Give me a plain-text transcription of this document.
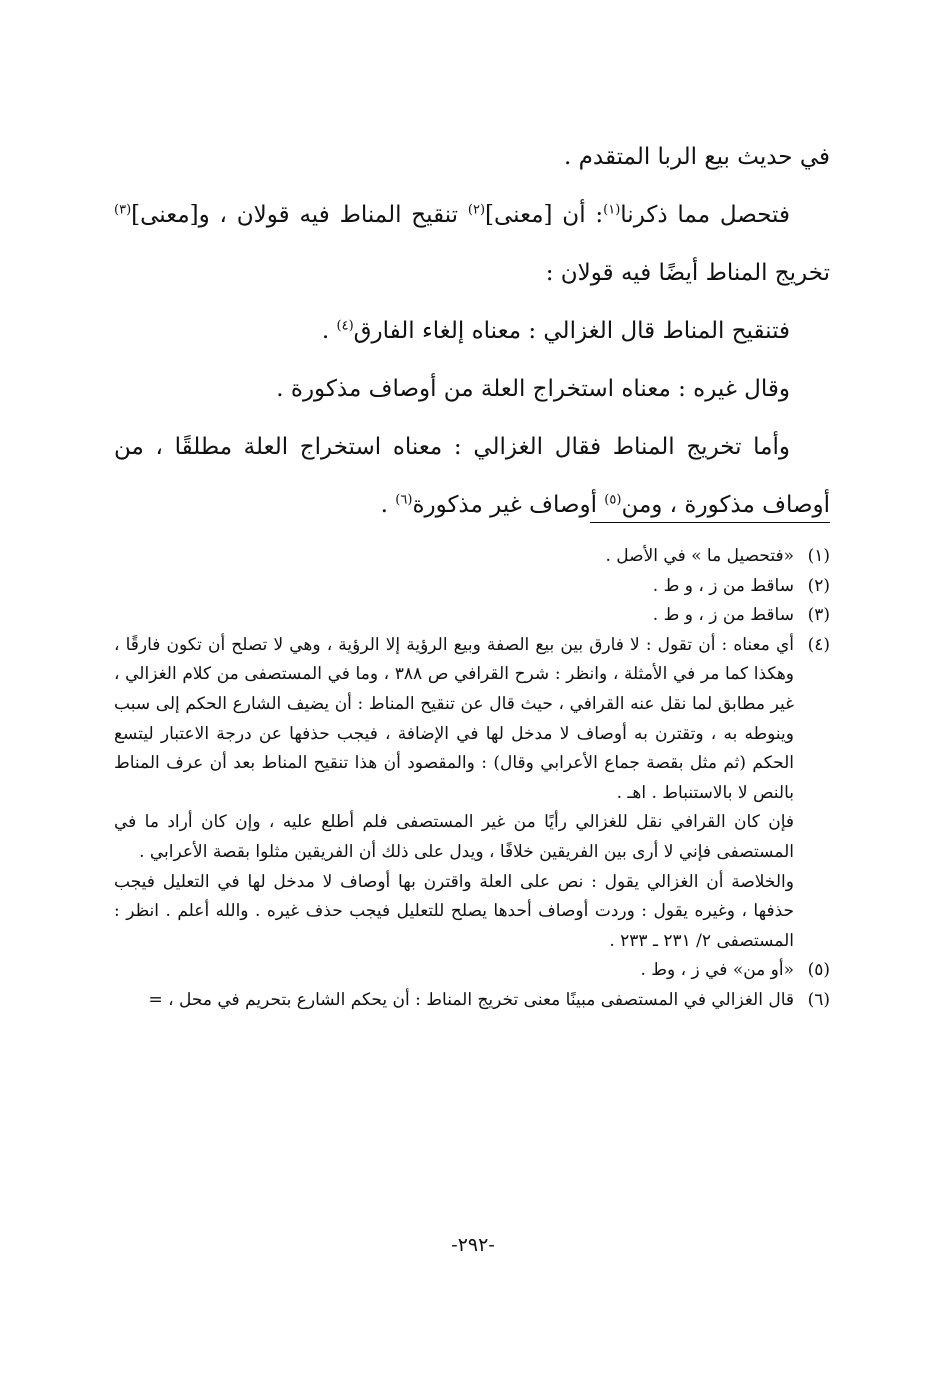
في حديث بيع الربا المتقدم .

فتحصل مما ذكرنا$^{(١)}$: أن [معنى]$^{(٢)}$ تنقيح المناط فيه قولان ، و[معنى]$^{(٣)}$ تخريج المناط أيضًا فيه قولان :

فتنقيح المناط قال الغزالي : معناه إلغاء الفارق$^{(٤)}$ .

وقال غيره : معناه استخراج العلة من أوصاف مذكورة .

وأما تخريج المناط فقال الغزالي : معناه استخراج العلة مطلقًا ، من أوصاف مذكورة ، ومن$^{(٥)}$ أوصاف غير مذكورة$^{(٦)}$ .

(١)
«فتحصيل ما » في الأصل .
(٢)
ساقط من ز ، و ط .
(٣)
ساقط من ز ، و ط .
(٤)
أي معناه : أن تقول : لا فارق بين بيع الصفة وبيع الرؤية إلا الرؤية ، وهي لا تصلح أن تكون فارقًا ، وهكذا كما مر في الأمثلة ، وانظر : شرح القرافي ص ٣٨٨ ، وما في المستصفى من كلام الغزالي ، غير مطابق لما نقل عنه القرافي ، حيث قال عن تنقيح المناط : أن يضيف الشارع الحكم إلى سبب وينوطه به ، وتقترن به أوصاف لا مدخل لها في الإضافة ، فيجب حذفها عن درجة الاعتبار ليتسع الحكم (ثم مثل بقصة جماع الأعرابي وقال) : والمقصود أن هذا تنقيح المناط بعد أن عرف المناط بالنص لا بالاستنباط . اهـ .

فإن كان القرافي نقل للغزالي رأيًا من غير المستصفى فلم أطلع عليه ، وإن كان أراد ما في المستصفى فإني لا أرى بين الفريقين خلافًا ، ويدل على ذلك أن الفريقين مثلوا بقصة الأعرابي .

والخلاصة أن الغزالي يقول : نص على العلة واقترن بها أوصاف لا مدخل لها في التعليل فيجب حذفها ، وغيره يقول : وردت أوصاف أحدها يصلح للتعليل فيجب حذف غيره . والله أعلم . انظر : المستصفى ٢/ ٢٣١ ـ ٢٣٣ .

(٥)
«أو من» في ز ، وط .
(٦)
قال الغزالي في المستصفى مبينًا معنى تخريج المناط : أن يحكم الشارع بتحريم في محل ، =
-٢٩٢-
